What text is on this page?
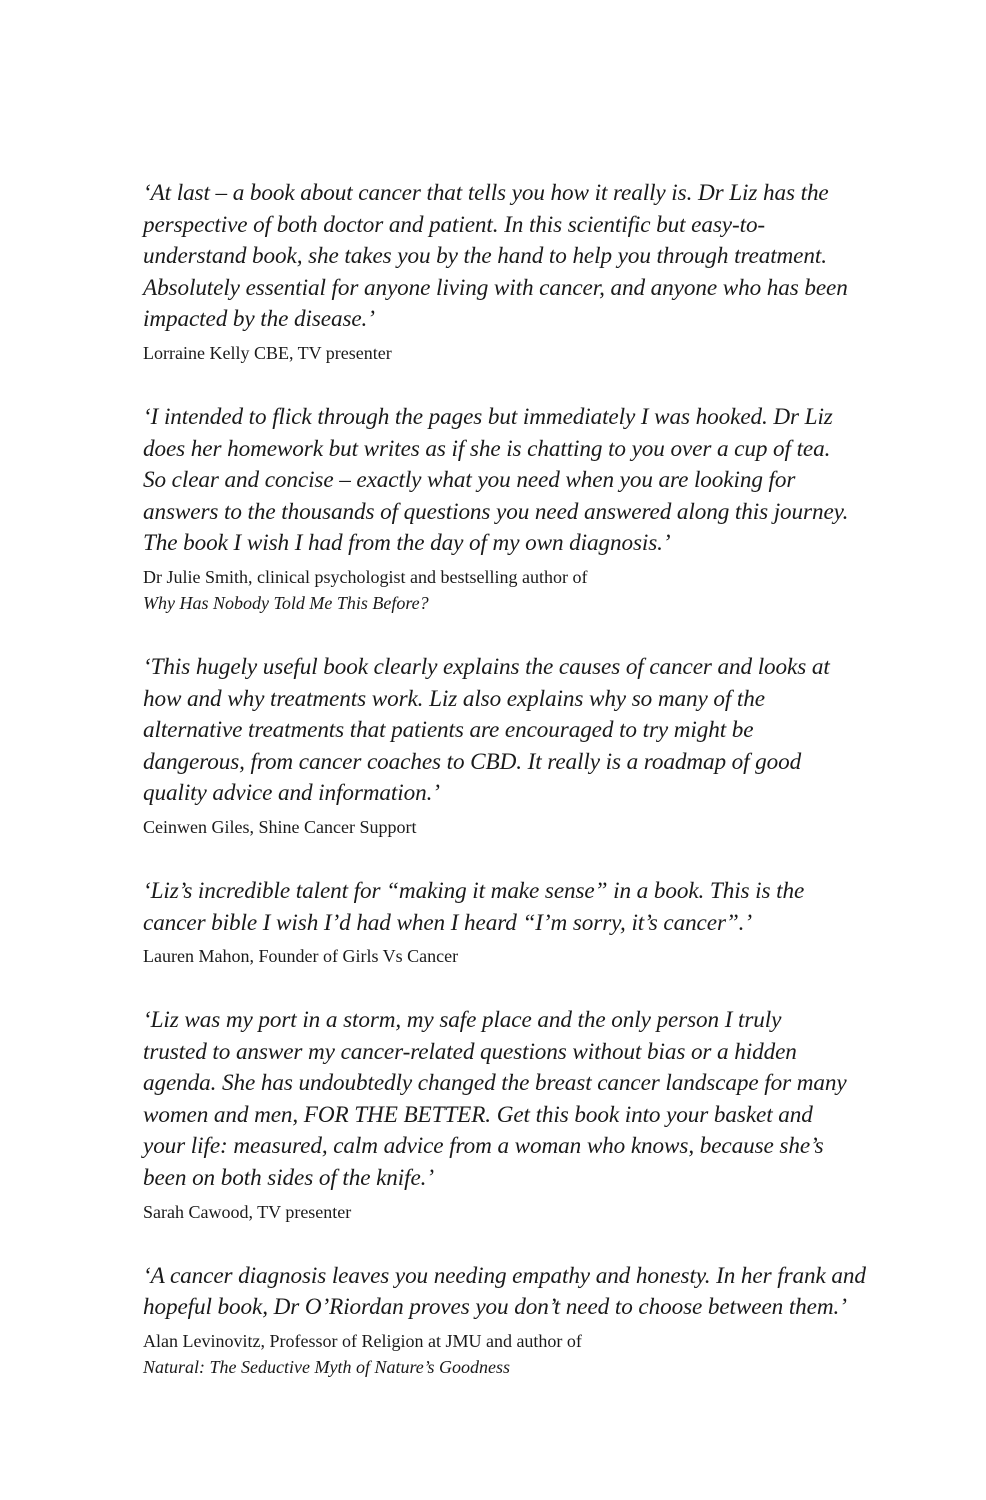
‘At last – a book about cancer that tells you how it really is. Dr Liz has the
perspective of both doctor and patient. In this scientific but easy-to-
understand book, she takes you by the hand to help you through treatment.
Absolutely essential for anyone living with cancer, and anyone who has been
impacted by the disease.’

Lorraine Kelly CBE, TV presenter

‘I intended to flick through the pages but immediately I was hooked. Dr Liz
does her homework but writes as if she is chatting to you over a cup of tea.
So clear and concise – exactly what you need when you are looking for
answers to the thousands of questions you need answered along this journey.
The book I wish I had from the day of my own diagnosis.’

Dr Julie Smith, clinical psychologist and bestselling author of

Why Has Nobody Told Me This Before?

‘This hugely useful book clearly explains the causes of cancer and looks at
how and why treatments work. Liz also explains why so many of the
alternative treatments that patients are encouraged to try might be
dangerous, from cancer coaches to CBD. It really is a roadmap of good
quality advice and information.’

Ceinwen Giles, Shine Cancer Support

‘Liz’s incredible talent for “making it make sense” in a book. This is the
cancer bible I wish I’d had when I heard “I’m sorry, it’s cancer”.’

Lauren Mahon, Founder of Girls Vs Cancer

‘Liz was my port in a storm, my safe place and the only person I truly
trusted to answer my cancer-related questions without bias or a hidden
agenda. She has undoubtedly changed the breast cancer landscape for many
women and men, FOR THE BETTER. Get this book into your basket and
your life: measured, calm advice from a woman who knows, because she’s
been on both sides of the knife.’

Sarah Cawood, TV presenter

‘A cancer diagnosis leaves you needing empathy and honesty. In her frank and
hopeful book, Dr O’Riordan proves you don’t need to choose between them.’

Alan Levinovitz, Professor of Religion at JMU and author of

Natural: The Seductive Myth of Nature’s Goodness
